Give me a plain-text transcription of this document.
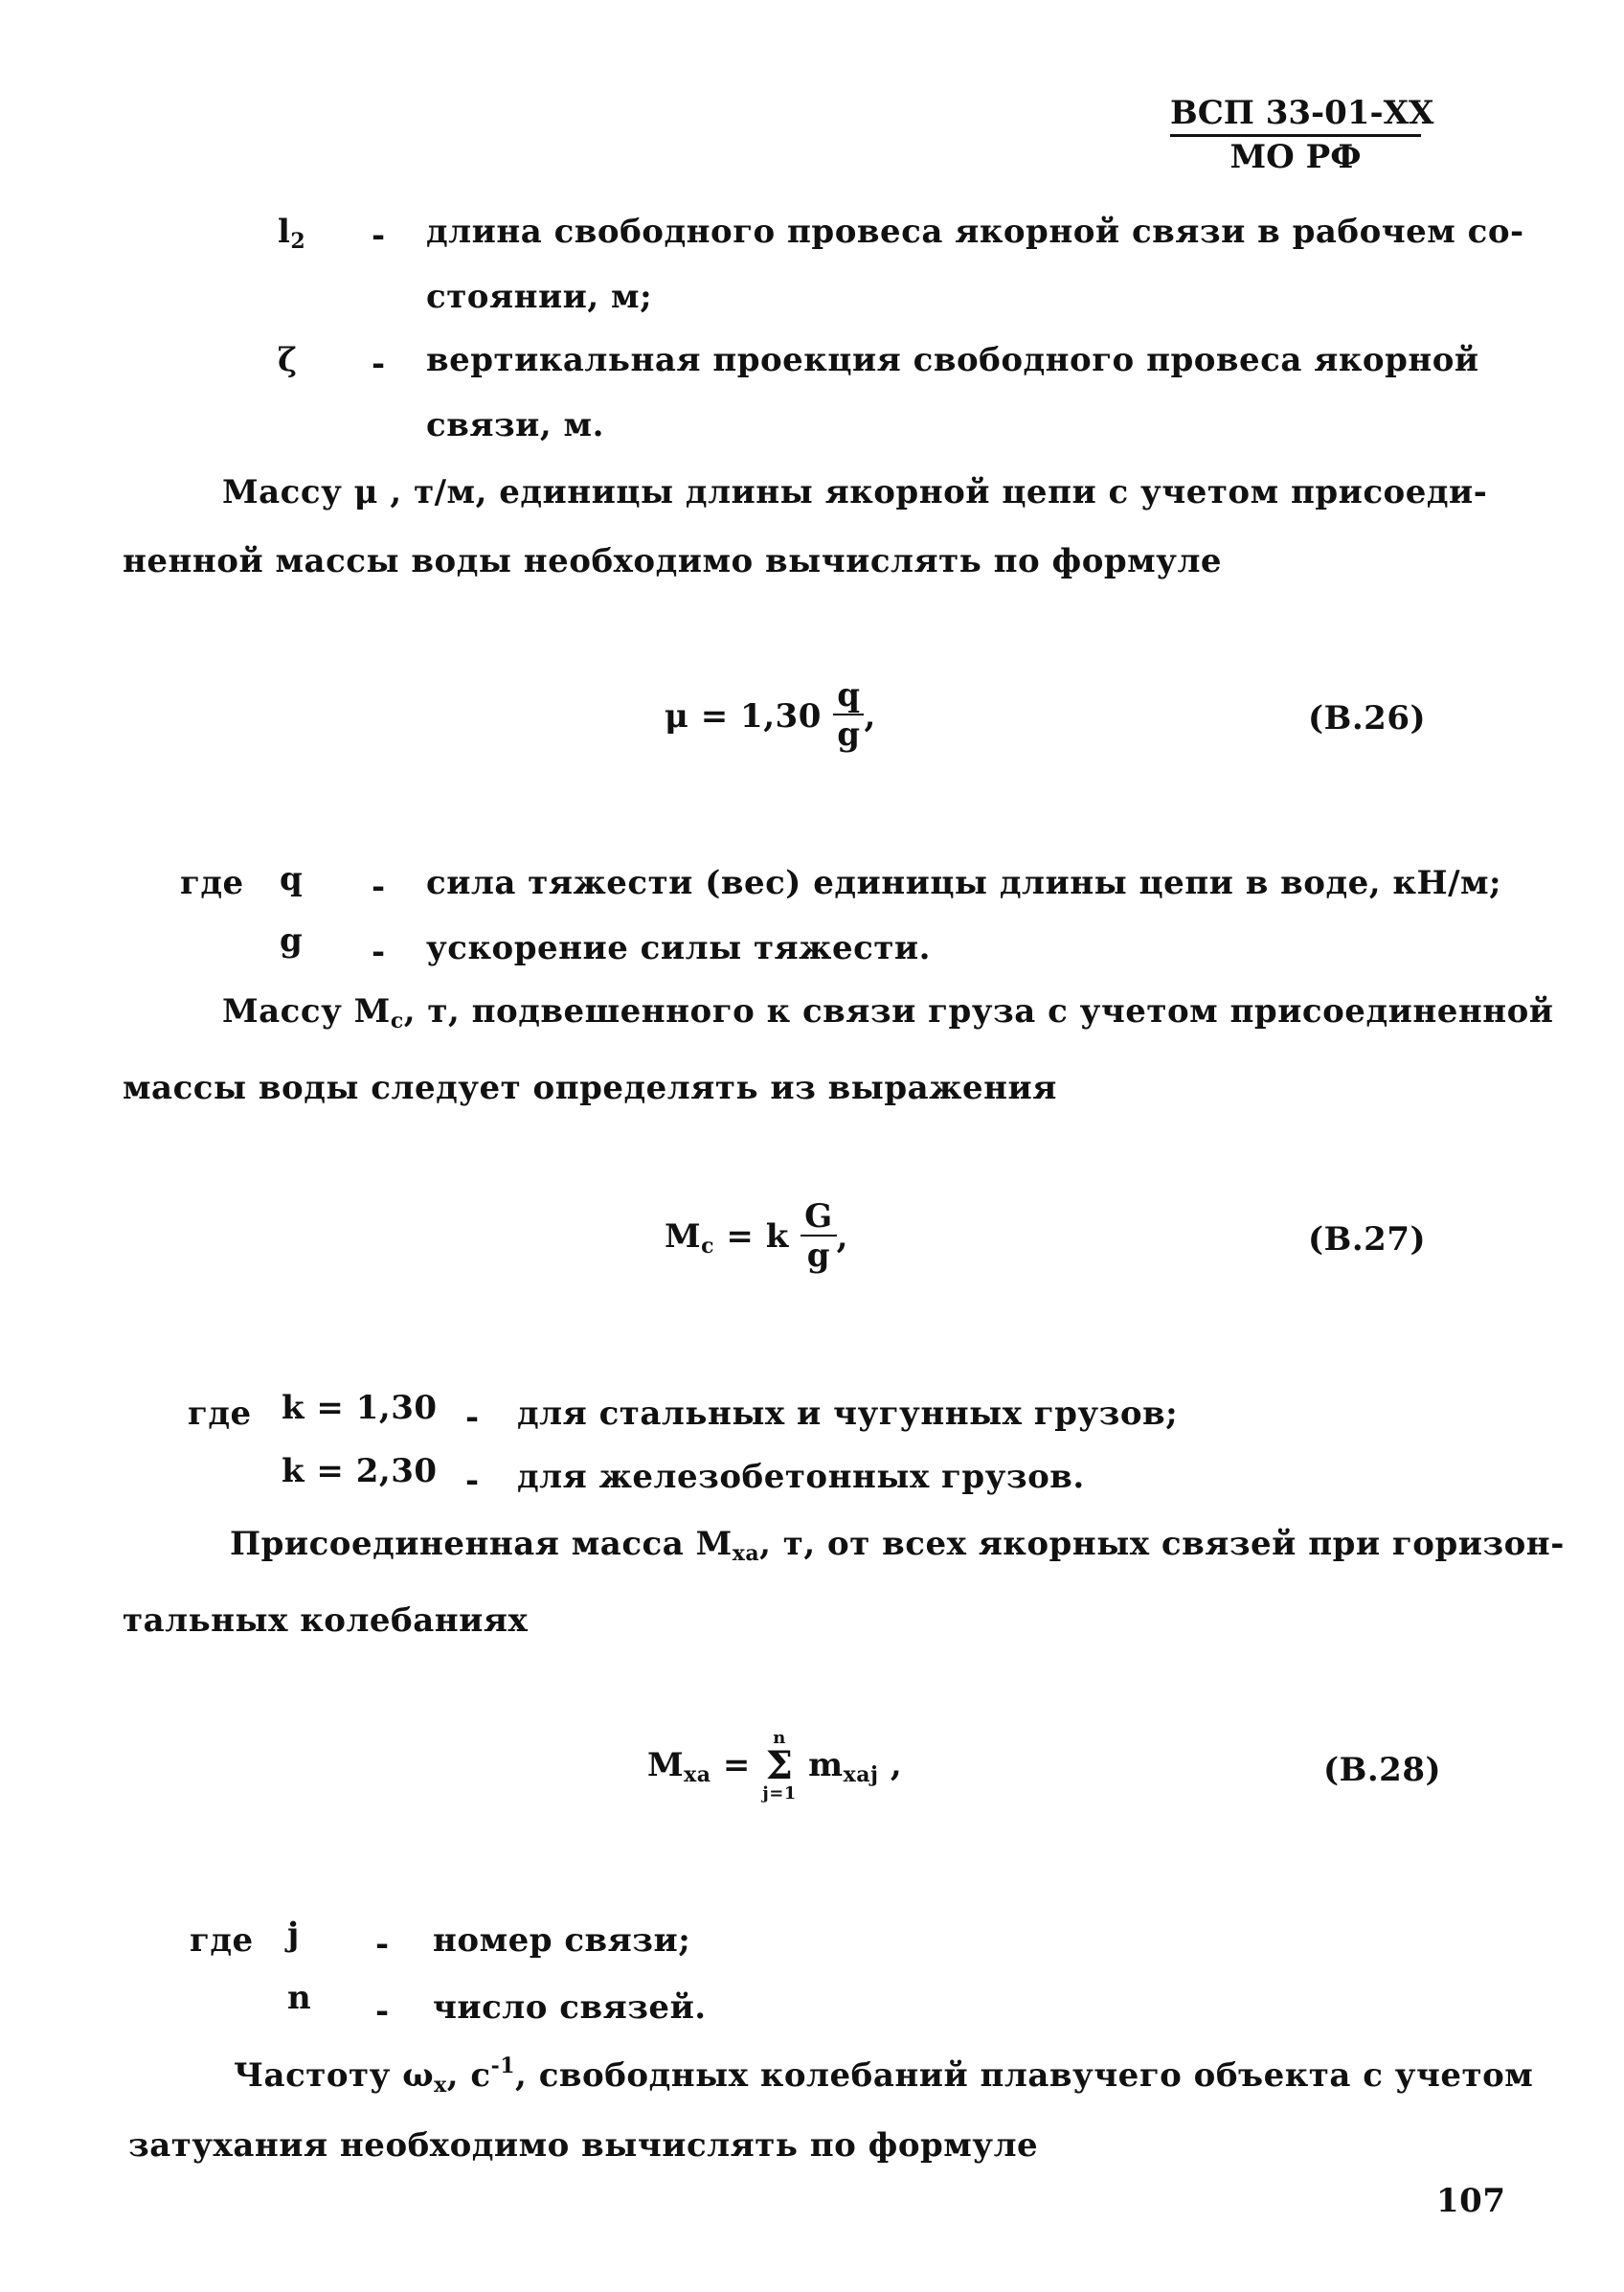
ВСП 33-01-ХХ
МО РФ
$l_2$ - длина свободного провеса якорной связи в рабочем со-
стоянии, м;
ζ - вертикальная проекция свободного провеса якорной
связи, м.
Массу μ , т/м, единицы длины якорной цепи с учетом присоеди-
ненной массы воды необходимо вычислять по формуле
$\mu = 1,30 \frac{q}{g}$ ,	(В.26)
где q - сила тяжести (вес) единицы длины цепи в воде, кН/м;
g - ускорение силы тяжести.
Массу $М_с$, т, подвешенного к связи груза с учетом присоединенной
массы воды следует определять из выражения
$М_с = k \frac{G}{g}$ ,	(В.27)
где k = 1,30 - для стальных и чугунных грузов;
k = 2,30 - для железобетонных грузов.
Присоединенная масса $М_{ха}$, т, от всех якорных связей при горизон-
тальных колебаниях
$М_{ха}$ =
n
Σ
j=1
$m_{хаj}$ ,	(В.28)
где j - номер связи;
n - число связей.
Частоту $\omega_х$, $с^{-1}$, свободных колебаний плавучего объекта с учетом
затухания необходимо вычислять по формуле
107
